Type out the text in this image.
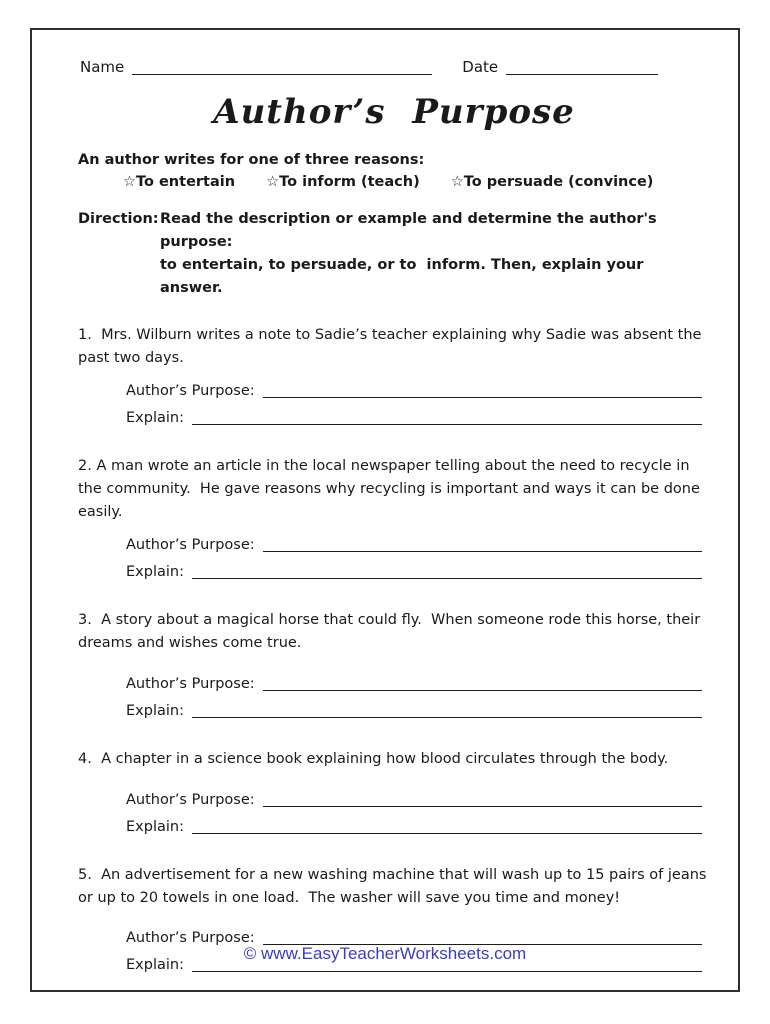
Name	Date
Author’s Purpose
An author writes for one of three reasons:
☆To entertain ☆To inform (teach) ☆To persuade (convince)
Direction: Read the description or example and determine the author's purpose:
to entertain, to persuade, or to  inform. Then, explain your answer.

1. Mrs. Wilburn writes a note to Sadie’s teacher explaining why Sadie was absent the past two days.

Author’s Purpose:
Explain:

2. A man wrote an article in the local newspaper telling about the need to recycle in the community.  He gave reasons why recycling is important and ways it can be done easily.

Author’s Purpose:
Explain:

3. A story about a magical horse that could fly.  When someone rode this horse, their dreams and wishes come true.

Author’s Purpose:
Explain:

4. A chapter in a science book explaining how blood circulates through the body.

Author’s Purpose:
Explain:

5. An advertisement for a new washing machine that will wash up to 15 pairs of jeans or up to 20 towels in one load.  The washer will save you time and money!

Author’s Purpose:
Explain:
© www.EasyTeacherWorksheets.com
